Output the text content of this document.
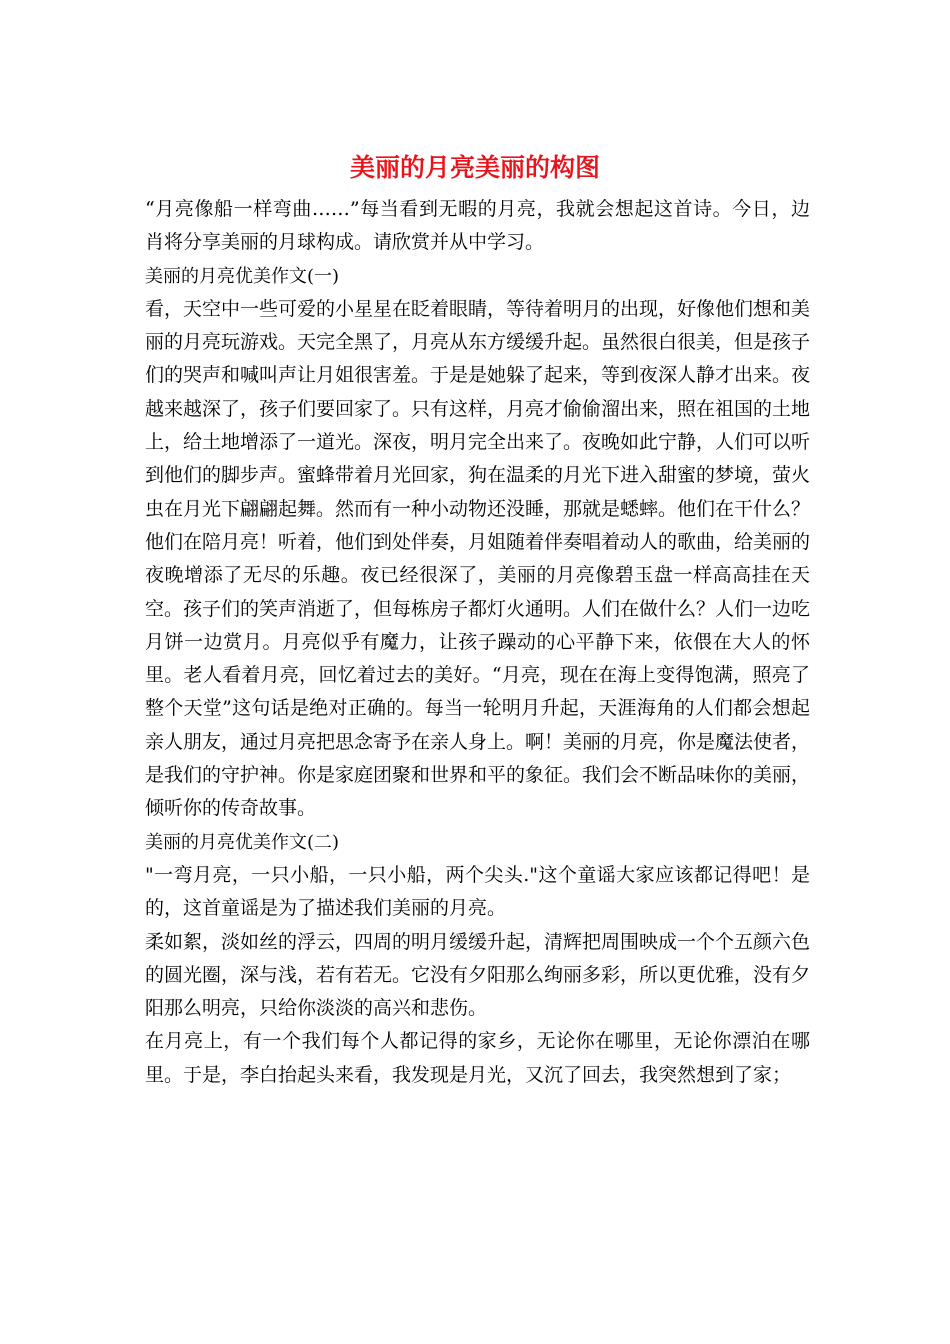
美丽的月亮美丽的构图

“月亮像船一样弯曲……”每当看到无暇的月亮，我就会想起这首诗。今日，边肖将分享美丽的月球构成。请欣赏并从中学习。

美丽的月亮优美作文(一)

看，天空中一些可爱的小星星在眨着眼睛，等待着明月的出现，好像他们想和美丽的月亮玩游戏。天完全黑了，月亮从东方缓缓升起。虽然很白很美，但是孩子们的哭声和喊叫声让月姐很害羞。于是是她躲了起来，等到夜深人静才出来。夜越来越深了，孩子们要回家了。只有这样，月亮才偷偷溜出来，照在祖国的土地上，给土地增添了一道光。深夜，明月完全出来了。夜晚如此宁静，人们可以听到他们的脚步声。蜜蜂带着月光回家，狗在温柔的月光下进入甜蜜的梦境，萤火虫在月光下翩翩起舞。然而有一种小动物还没睡，那就是蟋蟀。他们在干什么？他们在陪月亮！听着，他们到处伴奏，月姐随着伴奏唱着动人的歌曲，给美丽的夜晚增添了无尽的乐趣。夜已经很深了，美丽的月亮像碧玉盘一样高高挂在天空。孩子们的笑声消逝了，但每栋房子都灯火通明。人们在做什么？人们一边吃月饼一边赏月。月亮似乎有魔力，让孩子躁动的心平静下来，依偎在大人的怀里。老人看着月亮，回忆着过去的美好。“月亮，现在在海上变得饱满，照亮了整个天堂”这句话是绝对正确的。每当一轮明月升起，天涯海角的人们都会想起亲人朋友，通过月亮把思念寄予在亲人身上。啊！美丽的月亮，你是魔法使者，是我们的守护神。你是家庭团聚和世界和平的象征。我们会不断品味你的美丽，倾听你的传奇故事。

美丽的月亮优美作文(二)

"一弯月亮，一只小船，一只小船，两个尖头."这个童谣大家应该都记得吧！是的，这首童谣是为了描述我们美丽的月亮。

柔如絮，淡如丝的浮云，四周的明月缓缓升起，清辉把周围映成一个个五颜六色的圆光圈，深与浅，若有若无。它没有夕阳那么绚丽多彩，所以更优雅，没有夕阳那么明亮，只给你淡淡的高兴和悲伤。

在月亮上，有一个我们每个人都记得的家乡，无论你在哪里，无论你漂泊在哪里。于是，李白抬起头来看，我发现是月光，又沉了回去，我突然想到了家；
